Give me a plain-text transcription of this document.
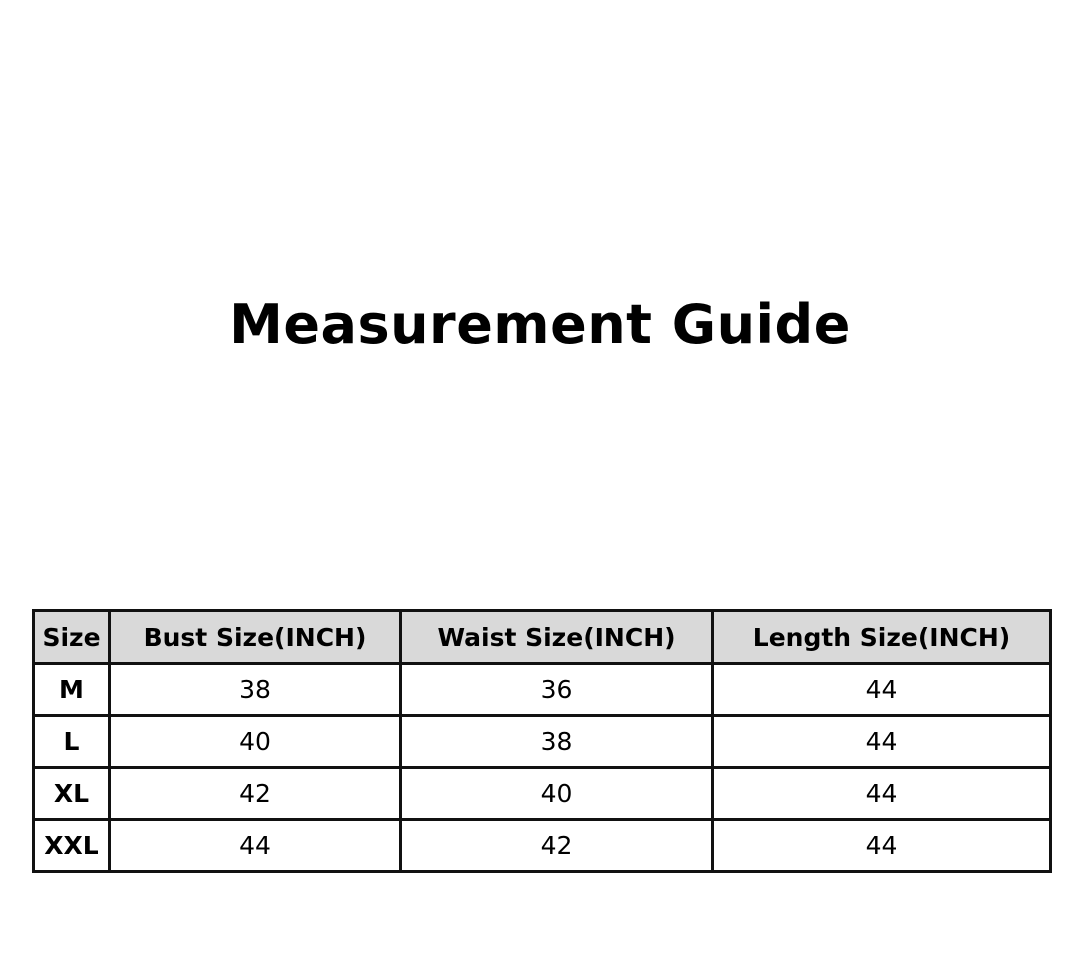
Measurement Guide
Size	Bust Size(INCH)	Waist Size(INCH)	Length Size(INCH)
M	38	36	44
L	40	38	44
XL	42	40	44
XXL	44	42	44
